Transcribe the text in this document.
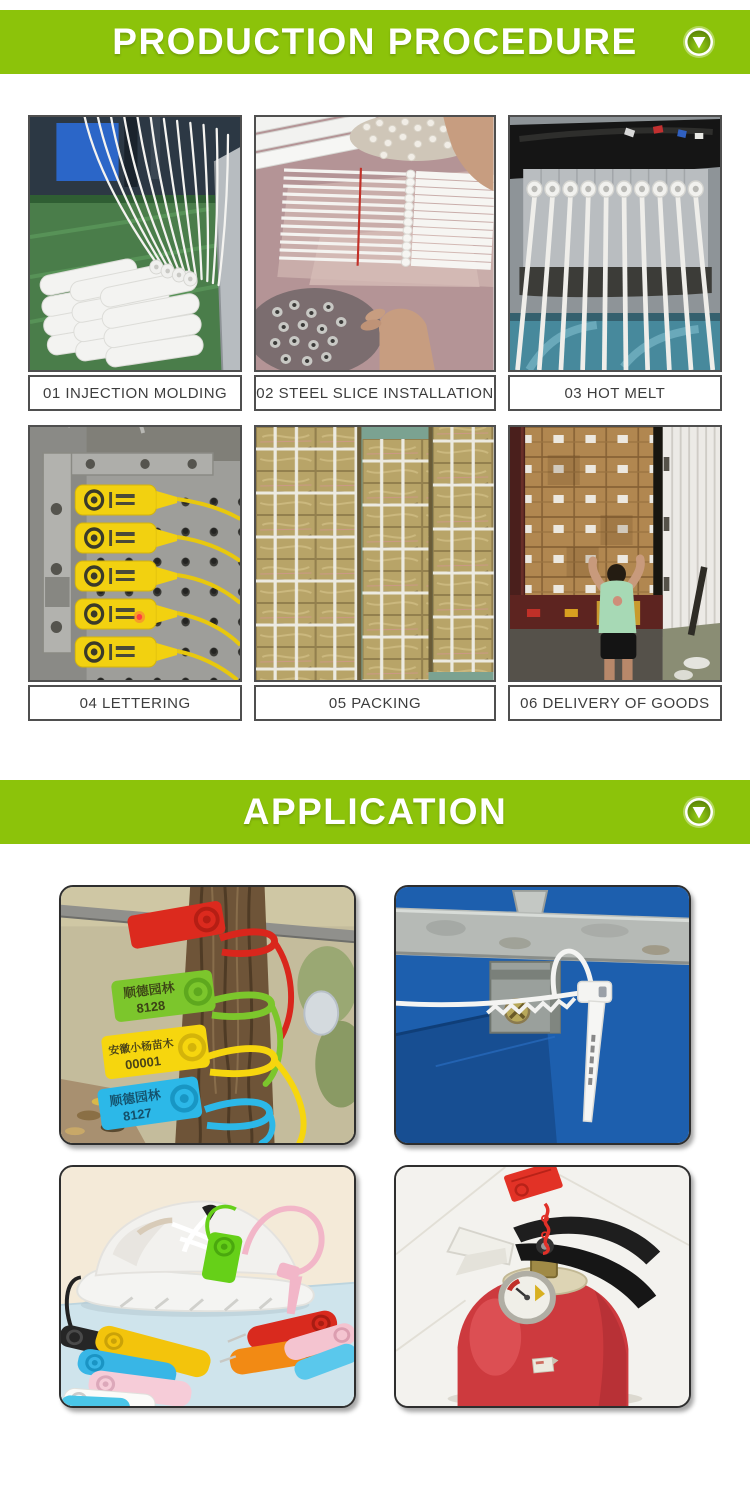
PRODUCTION PROCEDURE
01 INJECTION MOLDING	02 STEEL SLICE INSTALLATION	03 HOT MELT
04 LETTERING	05 PACKING	06 DELIVERY OF GOODS
APPLICATION
顺德园林
8128
安徽小杨苗木
00001
顺德园林
8127
